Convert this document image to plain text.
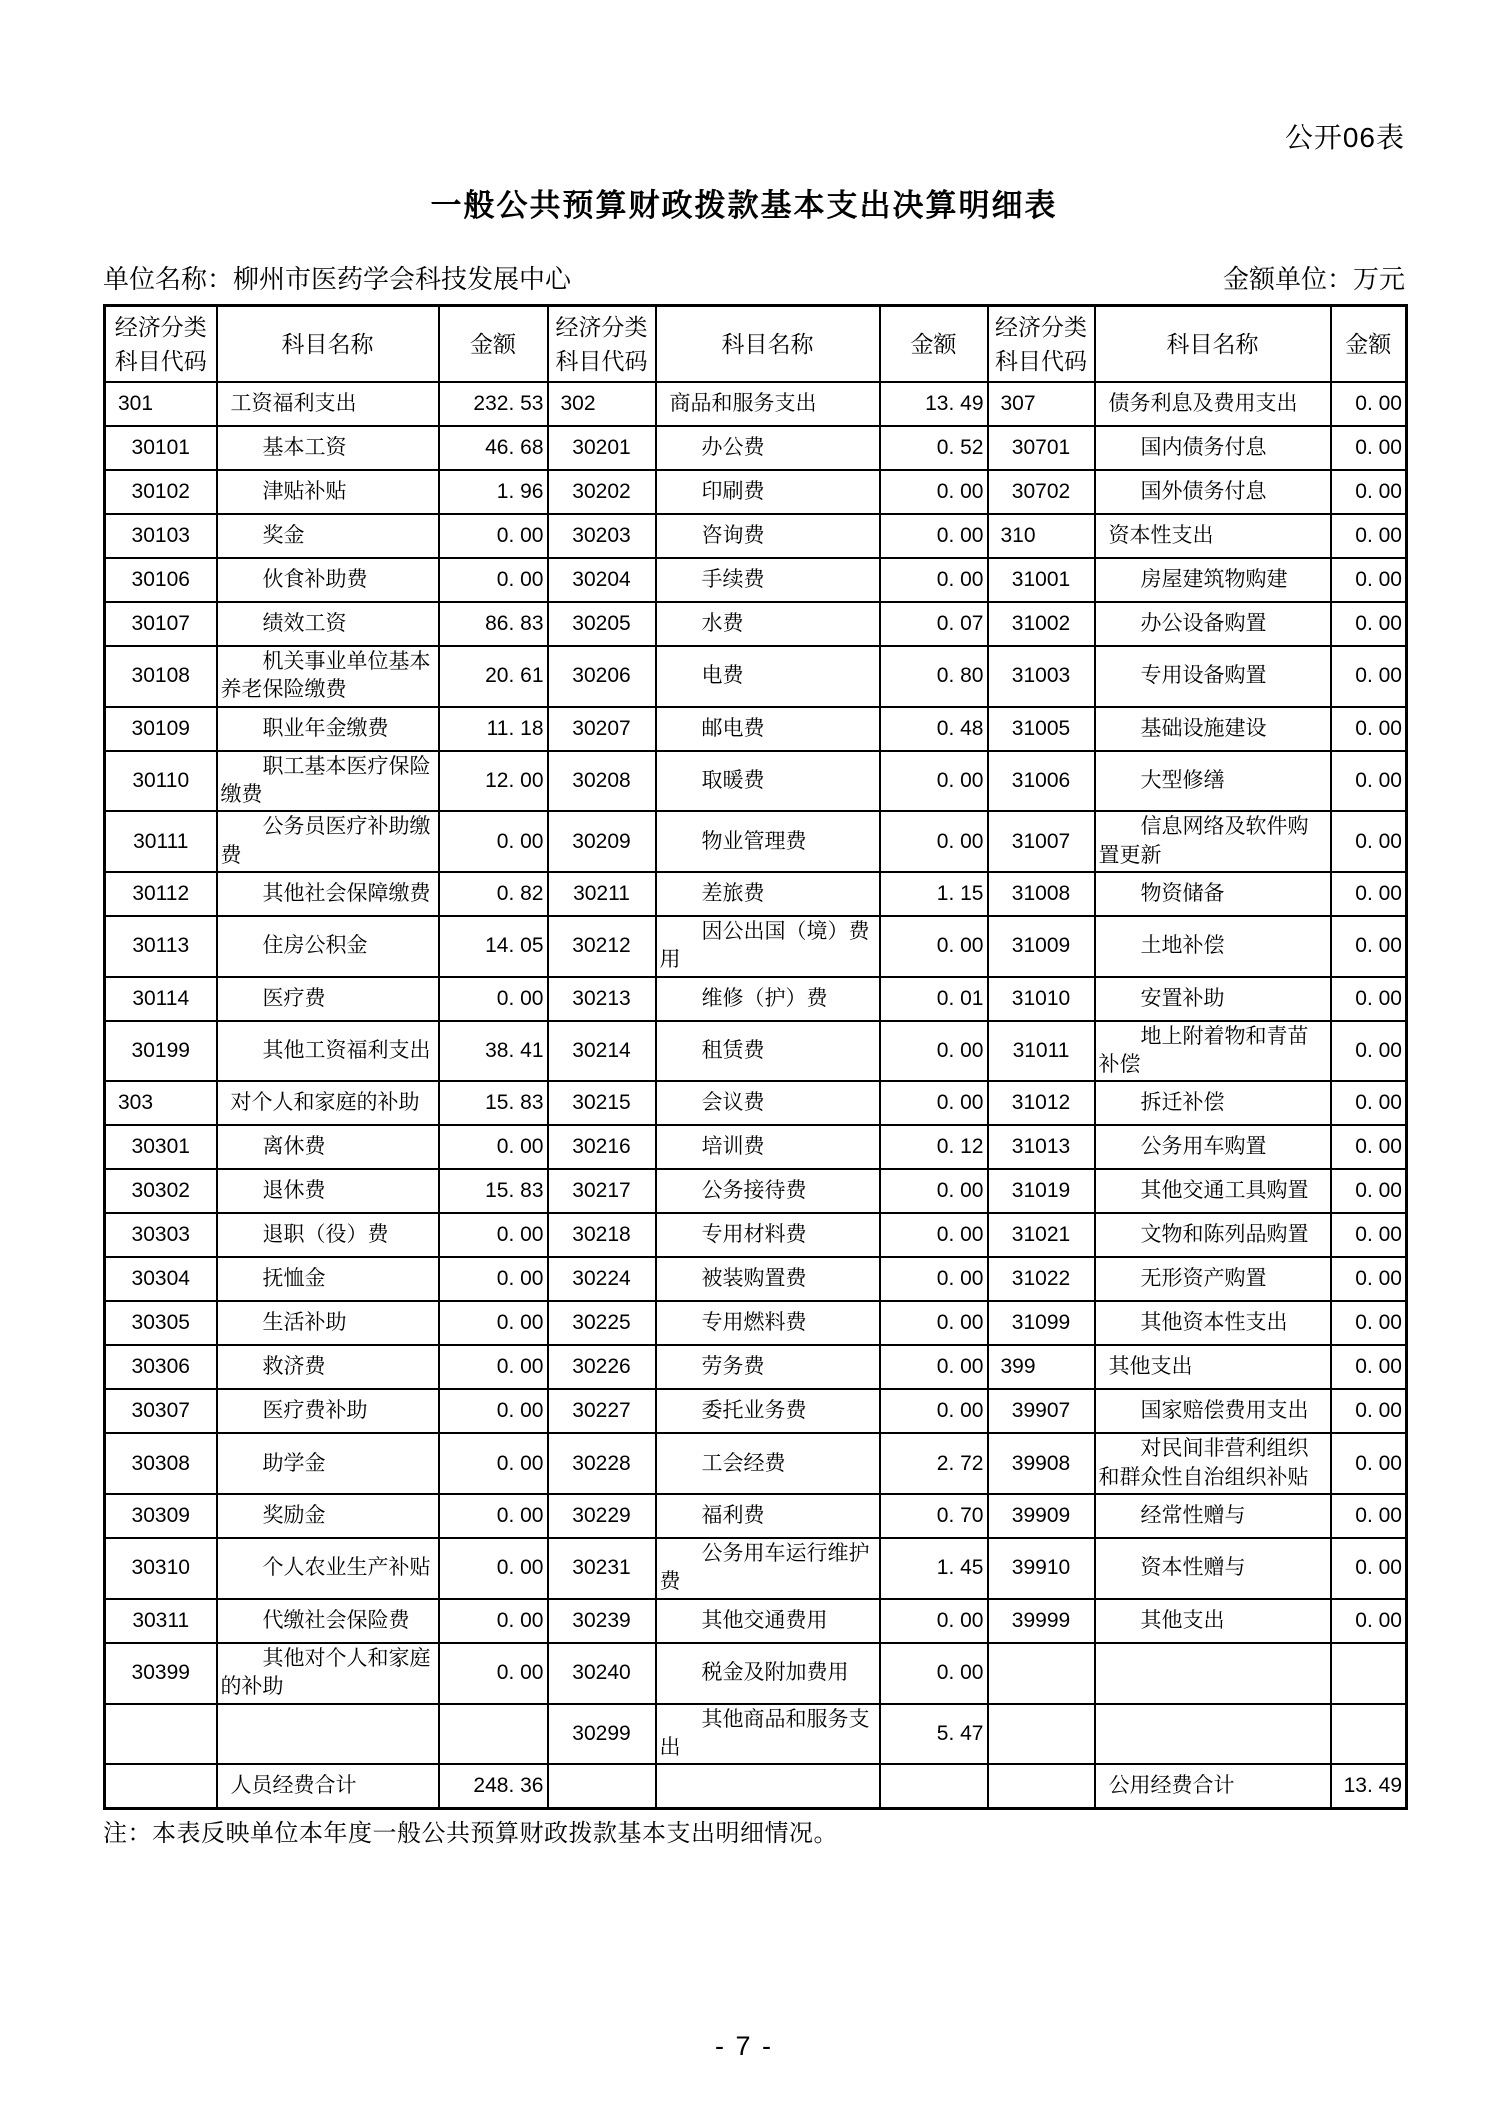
公开06表
一般公共预算财政拨款基本支出决算明细表
单位名称：柳州市医药学会科技发展中心	金额单位：万元
经济分类科目代码	科目名称	金额	经济分类科目代码	科目名称	金额	经济分类科目代码	科目名称	金额
301	工资福利支出	232. 53	302	商品和服务支出	13. 49	307	债务利息及费用支出	0. 00
30101	基本工资	46. 68	30201	办公费	0. 52	30701	国内债务付息	0. 00
30102	津贴补贴	1. 96	30202	印刷费	0. 00	30702	国外债务付息	0. 00
30103	奖金	0. 00	30203	咨询费	0. 00	310	资本性支出	0. 00
30106	伙食补助费	0. 00	30204	手续费	0. 00	31001	房屋建筑物购建	0. 00
30107	绩效工资	86. 83	30205	水费	0. 07	31002	办公设备购置	0. 00
30108	机关事业单位基本养老保险缴费	20. 61	30206	电费	0. 80	31003	专用设备购置	0. 00
30109	职业年金缴费	11. 18	30207	邮电费	0. 48	31005	基础设施建设	0. 00
30110	职工基本医疗保险缴费	12. 00	30208	取暖费	0. 00	31006	大型修缮	0. 00
30111	公务员医疗补助缴费	0. 00	30209	物业管理费	0. 00	31007	信息网络及软件购置更新	0. 00
30112	其他社会保障缴费	0. 82	30211	差旅费	1. 15	31008	物资储备	0. 00
30113	住房公积金	14. 05	30212	因公出国（境）费用	0. 00	31009	土地补偿	0. 00
30114	医疗费	0. 00	30213	维修（护）费	0. 01	31010	安置补助	0. 00
30199	其他工资福利支出	38. 41	30214	租赁费	0. 00	31011	地上附着物和青苗补偿	0. 00
303	对个人和家庭的补助	15. 83	30215	会议费	0. 00	31012	拆迁补偿	0. 00
30301	离休费	0. 00	30216	培训费	0. 12	31013	公务用车购置	0. 00
30302	退休费	15. 83	30217	公务接待费	0. 00	31019	其他交通工具购置	0. 00
30303	退职（役）费	0. 00	30218	专用材料费	0. 00	31021	文物和陈列品购置	0. 00
30304	抚恤金	0. 00	30224	被装购置费	0. 00	31022	无形资产购置	0. 00
30305	生活补助	0. 00	30225	专用燃料费	0. 00	31099	其他资本性支出	0. 00
30306	救济费	0. 00	30226	劳务费	0. 00	399	其他支出	0. 00
30307	医疗费补助	0. 00	30227	委托业务费	0. 00	39907	国家赔偿费用支出	0. 00
30308	助学金	0. 00	30228	工会经费	2. 72	39908	对民间非营利组织和群众性自治组织补贴	0. 00
30309	奖励金	0. 00	30229	福利费	0. 70	39909	经常性赠与	0. 00
30310	个人农业生产补贴	0. 00	30231	公务用车运行维护费	1. 45	39910	资本性赠与	0. 00
30311	代缴社会保险费	0. 00	30239	其他交通费用	0. 00	39999	其他支出	0. 00
30399	其他对个人和家庭的补助	0. 00	30240	税金及附加费用	0. 00			
			30299	其他商品和服务支出	5. 47			
	人员经费合计	248. 36					公用经费合计	13. 49
注：本表反映单位本年度一般公共预算财政拨款基本支出明细情况。
- 7 -
